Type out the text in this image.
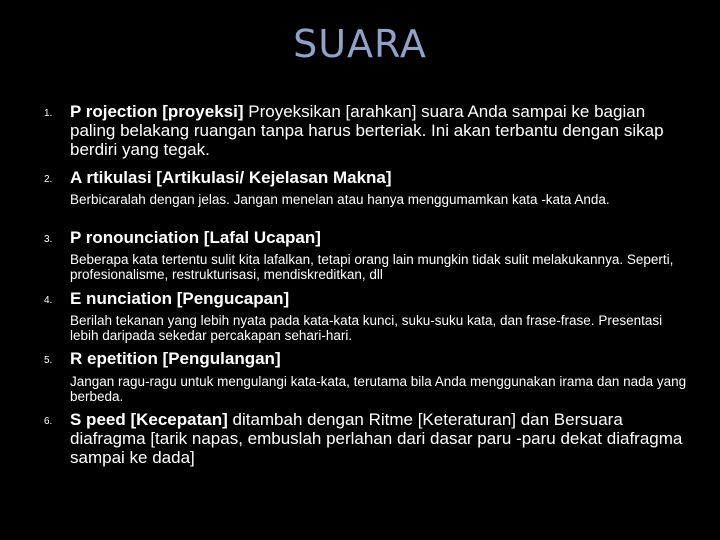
SUARA
1. P rojection [proyeksi] Proyeksikan [arahkan] suara Anda sampai ke bagian paling belakang ruangan tanpa harus berteriak. Ini akan terbantu dengan sikap berdiri yang tegak.
2. A rtikulasi [Artikulasi/ Kejelasan Makna]
Berbicaralah dengan jelas. Jangan menelan atau hanya menggumamkan kata -kata Anda.
3. P ronounciation [Lafal Ucapan]
Beberapa kata tertentu sulit kita lafalkan, tetapi orang lain mungkin tidak sulit melakukannya. Seperti, profesionalisme, restrukturisasi, mendiskreditkan, dll
4. E nunciation [Pengucapan]
Berilah tekanan yang lebih nyata pada kata-kata kunci, suku-suku kata, dan frase-frase. Presentasi lebih daripada sekedar percakapan sehari-hari.
5. R epetition [Pengulangan]
Jangan ragu-ragu untuk mengulangi kata-kata, terutama bila Anda menggunakan irama dan nada yang berbeda.
6. S peed [Kecepatan] ditambah dengan Ritme [Keteraturan] dan Bersuara diafragma [tarik napas, embuslah perlahan dari dasar paru -paru dekat diafragma sampai ke dada]
